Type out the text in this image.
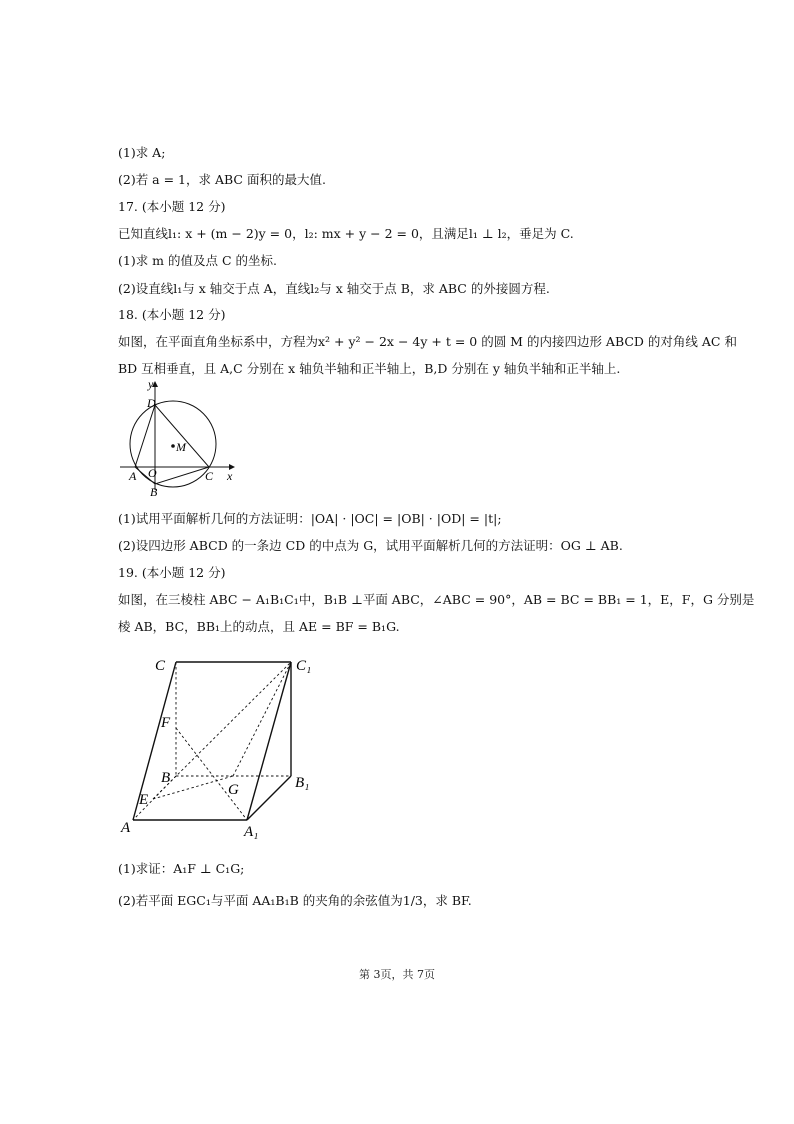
(1)求 A;
(2)若 a = 1，求 ABC 面积的最大值.
17. (本小题 12 分)
已知直线l₁: x + (m − 2)y = 0，l₂: mx + y − 2 = 0，且满足l₁ ⊥ l₂，垂足为 C.
(1)求 m 的值及点 C 的坐标.
(2)设直线l₁与 x 轴交于点 A，直线l₂与 x 轴交于点 B，求 ABC 的外接圆方程.
18. (本小题 12 分)
如图，在平面直角坐标系中，方程为x² + y² − 2x − 4y + t = 0 的圆 M 的内接四边形 ABCD 的对角线 AC 和
BD 互相垂直，且 A,C 分别在 x 轴负半轴和正半轴上，B,D 分别在 y 轴负半轴和正半轴上.
y
x
D
M
A O	C
B
(1)试用平面解析几何的方法证明：|OA| · |OC| = |OB| · |OD| = |t|;
(2)设四边形 ABCD 的一条边 CD 的中点为 G，试用平面解析几何的方法证明：OG ⊥ AB.
19. (本小题 12 分)
如图，在三棱柱 ABC − A₁B₁C₁中，B₁B ⊥平面 ABC，∠ABC = 90°，AB = BC = BB₁ = 1，E，F，G 分别是
棱 AB，BC，BB₁上的动点，且 AE = BF = B₁G.
C	C₁
F
B
G	B₁
E
A	A₁
(1)求证：A₁F ⊥ C₁G;
(2)若平面 EGC₁与平面 AA₁B₁B 的夹角的余弦值为1/3，求 BF.
第 3页，共 7页
